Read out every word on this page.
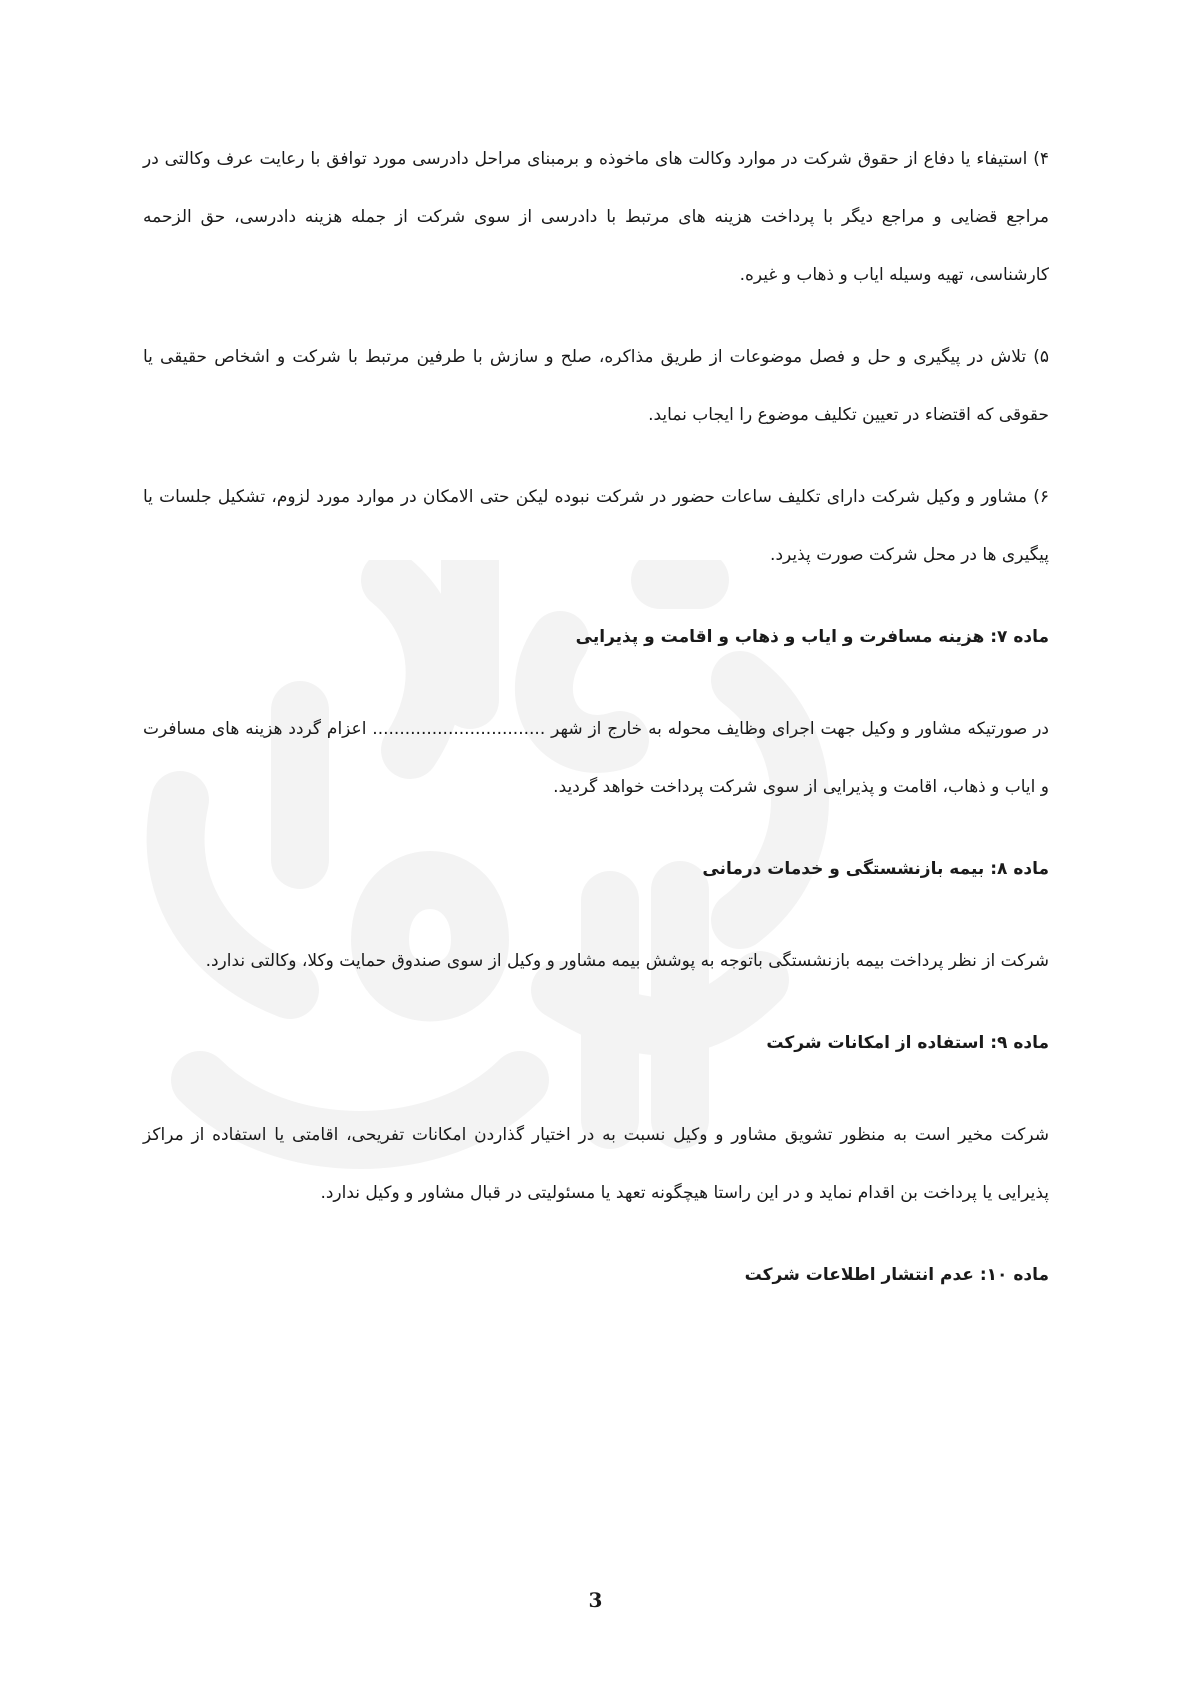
۴) استیفاء یا دفاع از حقوق شرکت در موارد وکالت های ماخوذه و برمبنای مراحل دادرسی مورد توافق با رعایت عرف وکالتی در مراجع قضایی و مراجع دیگر با پرداخت هزینه های مرتبط با دادرسی از سوی شرکت از جمله هزینه دادرسی، حق الزحمه کارشناسی، تهیه وسیله ایاب و ذهاب و غیره.

۵) تلاش در پیگیری و حل و فصل موضوعات از طریق مذاکره، صلح و سازش با طرفین مرتبط با شرکت و اشخاص حقیقی یا حقوقی که اقتضاء در تعیین تکلیف موضوع را ایجاب نماید.

۶) مشاور و وکیل شرکت دارای تکلیف ساعات حضور در شرکت نبوده لیکن حتی الامکان در موارد مورد لزوم، تشکیل جلسات یا پیگیری ها در محل شرکت صورت پذیرد.

ماده ۷: هزینه مسافرت و ایاب و ذهاب و اقامت و پذیرایی

در صورتیکه مشاور و وکیل جهت اجرای وظایف محوله به خارج از شهر ................................ اعزام گردد هزینه های مسافرت و ایاب و ذهاب، اقامت و پذیرایی از سوی شرکت پرداخت خواهد گردید.

ماده ۸: بیمه بازنشستگی و خدمات درمانی

شرکت از نظر پرداخت بیمه بازنشستگی باتوجه به پوشش بیمه مشاور و وکیل از سوی صندوق حمایت وکلا، وکالتی ندارد.

ماده ۹: استفاده از امکانات شرکت

شرکت مخیر است به منظور تشویق مشاور و وکیل نسبت به در اختیار گذاردن امکانات تفریحی، اقامتی یا استفاده از مراکز پذیرایی یا پرداخت بن اقدام نماید و در این راستا هیچگونه تعهد یا مسئولیتی در قبال مشاور و وکیل ندارد.

ماده ۱۰: عدم انتشار اطلاعات شرکت
3
